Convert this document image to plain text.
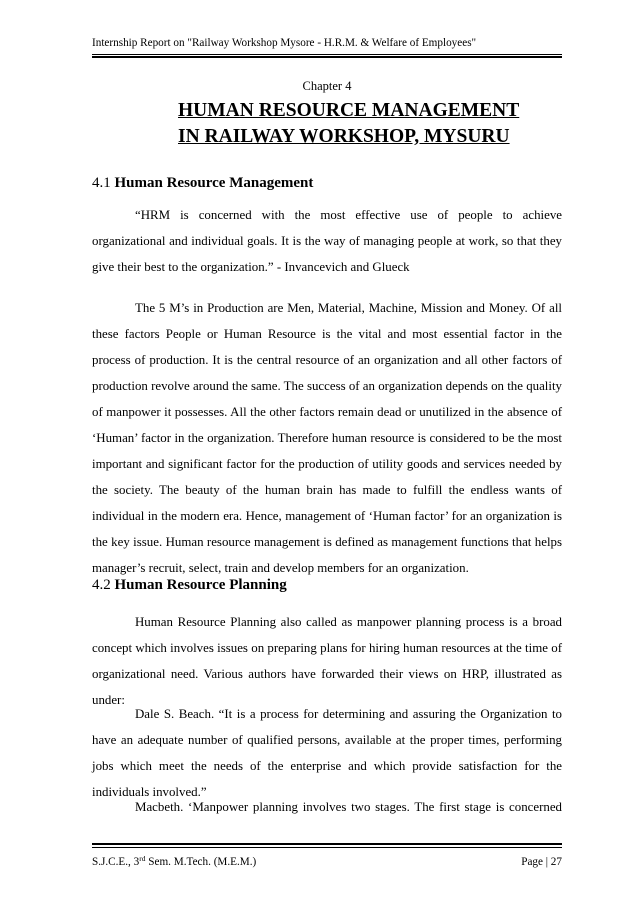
Internship Report on "Railway Workshop Mysore - H.R.M. & Welfare of Employees"
Chapter 4
HUMAN RESOURCE MANAGEMENT
IN RAILWAY WORKSHOP, MYSURU
4.1 Human Resource Management

“HRM is concerned with the most effective use of people to achieve organizational and individual goals. It is the way of managing people at work, so that they give their best to the organization.” - Invancevich and Glueck

The 5 M’s in Production are Men, Material, Machine, Mission and Money. Of all these factors People or Human Resource is the vital and most essential factor in the process of production. It is the central resource of an organization and all other factors of production revolve around the same. The success of an organization depends on the quality of manpower it possesses. All the other factors remain dead or unutilized in the absence of ‘Human’ factor in the organization. Therefore human resource is considered to be the most important and significant factor for the production of utility goods and services needed by the society. The beauty of the human brain has made to fulfill the endless wants of individual in the modern era. Hence, management of ‘Human factor’ for an organization is the key issue. Human resource management is defined as management functions that helps manager’s recruit, select, train and develop members for an organization.

4.2 Human Resource Planning

Human Resource Planning also called as manpower planning process is a broad concept which involves issues on preparing plans for hiring human resources at the time of organizational need. Various authors have forwarded their views on HRP, illustrated as under:

Dale S. Beach. “It is a process for determining and assuring the Organization to have an adequate number of qualified persons, available at the proper times, performing jobs which meet the needs of the enterprise and which provide satisfaction for the individuals involved.”

Macbeth. ‘Manpower planning involves two stages. The first stage is concerned

S.J.C.E., 3rd Sem. M.Tech. (M.E.M.)	Page | 27
